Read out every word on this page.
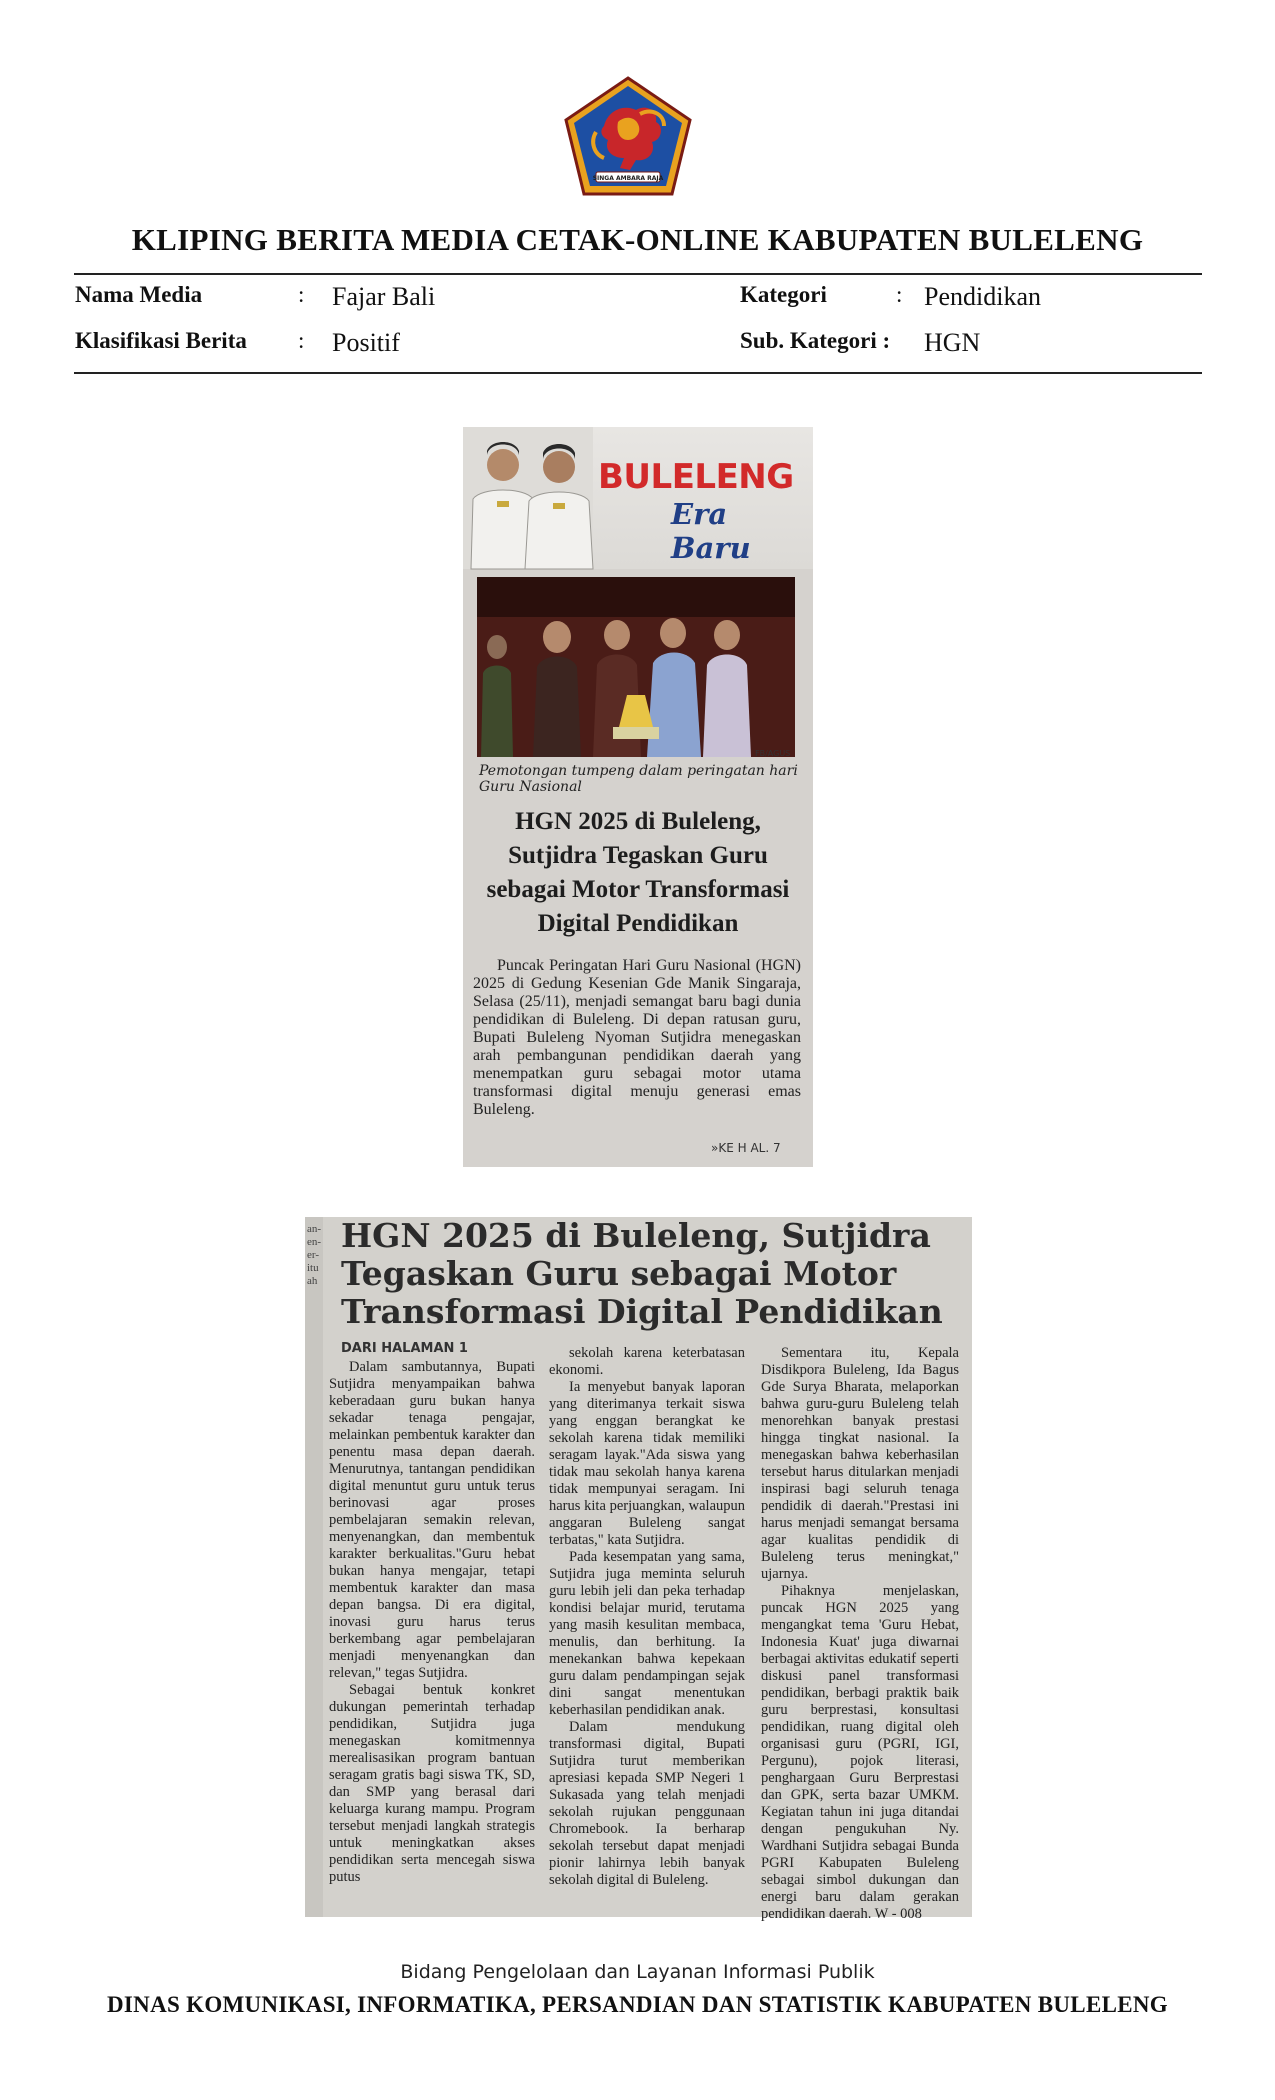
SINGA AMBARA RAJA
KLIPING BERITA MEDIA CETAK-ONLINE KABUPATEN BULELENG
Nama Media	: Fajar Bali	Kategori	: Pendidikan
Klasifikasi Berita : Positif	Sub. Kategori : HGN
BULELENG
Era Baru
FB/AGUS
Pemotongan tumpeng dalam peringatan hari Guru Nasional
HGN 2025 di Buleleng, Sutjidra Tegaskan Guru sebagai Motor Transformasi Digital Pendidikan
Puncak Peringatan Hari Guru Nasional (HGN) 2025 di Gedung Kesenian Gde Manik Singaraja, Selasa (25/11), menjadi semangat baru bagi dunia pendidikan di Buleleng. Di depan ratusan guru, Bupati Buleleng Nyoman Sutjidra menegaskan arah pembangunan pendidikan daerah yang menempatkan guru sebagai motor utama transformasi digital menuju generasi emas Buleleng.
»KE H AL. 7
an-
en-
er-
itu
ah
HGN 2025 di Buleleng, Sutjidra Tegaskan Guru sebagai Motor Transformasi Digital Pendidikan
DARI HALAMAN 1

Dalam sambutannya, Bupati Sutjidra menyampaikan bahwa keberadaan guru bukan hanya sekadar tenaga pengajar, melainkan pembentuk karakter dan penentu masa depan daerah. Menurutnya, tantangan pendidikan digital menuntut guru untuk terus berinovasi agar proses pembelajaran semakin relevan, menyenangkan, dan membentuk karakter berkualitas."Guru hebat bukan hanya mengajar, tetapi membentuk karakter dan masa depan bangsa. Di era digital, inovasi guru harus terus berkembang agar pembelajaran menjadi menyenangkan dan relevan," tegas Sutjidra.

Sebagai bentuk konkret dukungan pemerintah terhadap pendidikan, Sutjidra juga menegaskan komitmennya merealisasikan program bantuan seragam gratis bagi siswa TK, SD, dan SMP yang berasal dari keluarga kurang mampu. Program tersebut menjadi langkah strategis untuk meningkatkan akses pendidikan serta mencegah siswa putus

sekolah karena keterbatasan ekonomi.

Ia menyebut banyak laporan yang diterimanya terkait siswa yang enggan berangkat ke sekolah karena tidak memiliki seragam layak."Ada siswa yang tidak mau sekolah hanya karena tidak mempunyai seragam. Ini harus kita perjuangkan, walaupun anggaran Buleleng sangat terbatas," kata Sutjidra.

Pada kesempatan yang sama, Sutjidra juga meminta seluruh guru lebih jeli dan peka terhadap kondisi belajar murid, terutama yang masih kesulitan membaca, menulis, dan berhitung. Ia menekankan bahwa kepekaan guru dalam pendampingan sejak dini sangat menentukan keberhasilan pendidikan anak.

Dalam mendukung transformasi digital, Bupati Sutjidra turut memberikan apresiasi kepada SMP Negeri 1 Sukasada yang telah menjadi sekolah rujukan penggunaan Chromebook. Ia berharap sekolah tersebut dapat menjadi pionir lahirnya lebih banyak sekolah digital di Buleleng.

Sementara itu, Kepala Disdikpora Buleleng, Ida Bagus Gde Surya Bharata, melaporkan bahwa guru-guru Buleleng telah menorehkan banyak prestasi hingga tingkat nasional. Ia menegaskan bahwa keberhasilan tersebut harus ditularkan menjadi inspirasi bagi seluruh tenaga pendidik di daerah."Prestasi ini harus menjadi semangat bersama agar kualitas pendidik di Buleleng terus meningkat," ujarnya.

Pihaknya menjelaskan, puncak HGN 2025 yang mengangkat tema 'Guru Hebat, Indonesia Kuat' juga diwarnai berbagai aktivitas edukatif seperti diskusi panel transformasi pendidikan, berbagi praktik baik guru berprestasi, konsultasi pendidikan, ruang digital oleh organisasi guru (PGRI, IGI, Pergunu), pojok literasi, penghargaan Guru Berprestasi dan GPK, serta bazar UMKM. Kegiatan tahun ini juga ditandai dengan pengukuhan Ny. Wardhani Sutjidra sebagai Bunda PGRI Kabupaten Buleleng sebagai simbol dukungan dan energi baru dalam gerakan pendidikan daerah. W - 008

Bidang Pengelolaan dan Layanan Informasi Publik
DINAS KOMUNIKASI, INFORMATIKA, PERSANDIAN DAN STATISTIK KABUPATEN BULELENG
